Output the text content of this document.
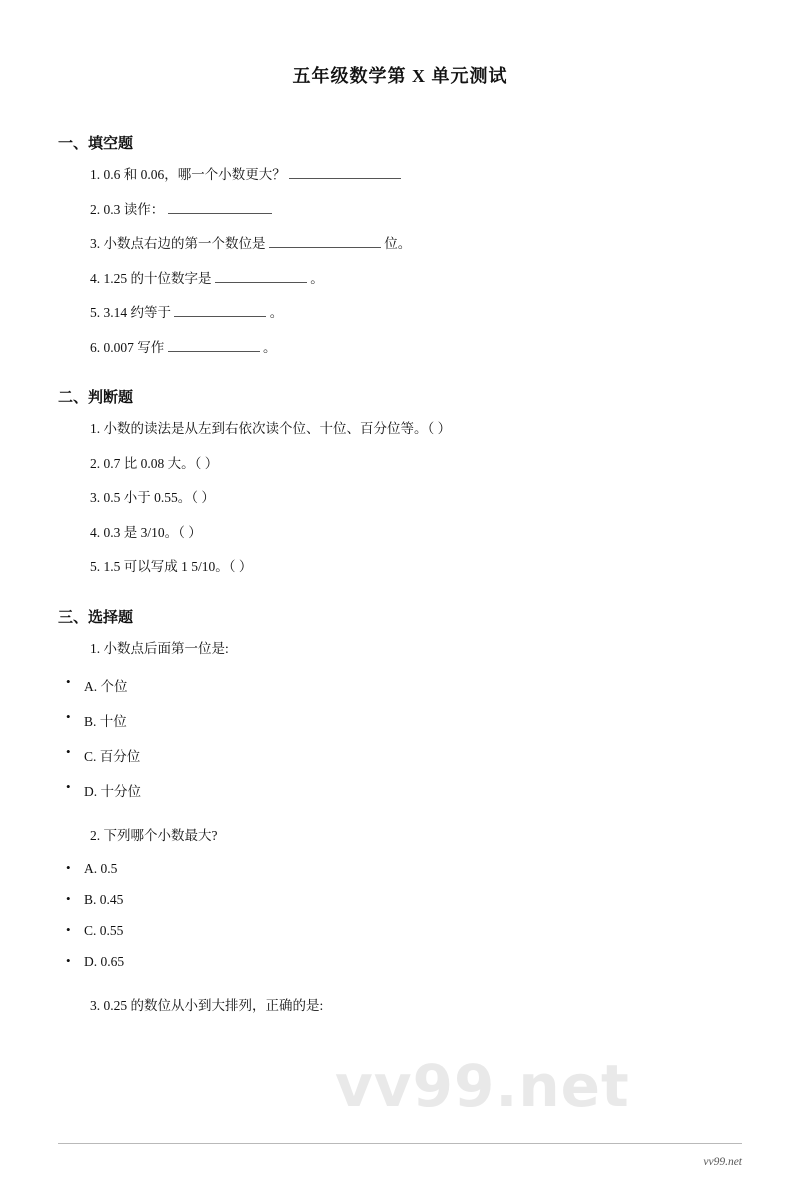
五年级数学第 X 单元测试
一、填空题
1. 0.6 和 0.06，哪一个小数更大？
2. 0.3 读作：
3. 小数点右边的第一个数位是	位。
4. 1.25 的十位数字是	。
5. 3.14 约等于	。
6. 0.007 写作	。
二、判断题
1. 小数的读法是从左到右依次读个位、十位、百分位等。（ ）
2. 0.7 比 0.08 大。（ ）
3. 0.5 小于 0.55。（ ）
4. 0.3 是 3/10。（ ）
5. 1.5 可以写成 1 5/10。（ ）
三、选择题
1. 小数点后面第一位是:
• A. 个位
• B. 十位
• C. 百分位
• D. 十分位
2. 下列哪个小数最大?
• A. 0.5
• B. 0.45
• C. 0.55
• D. 0.65
3. 0.25 的数位从小到大排列，正确的是:
vv99.net
vv99.net
